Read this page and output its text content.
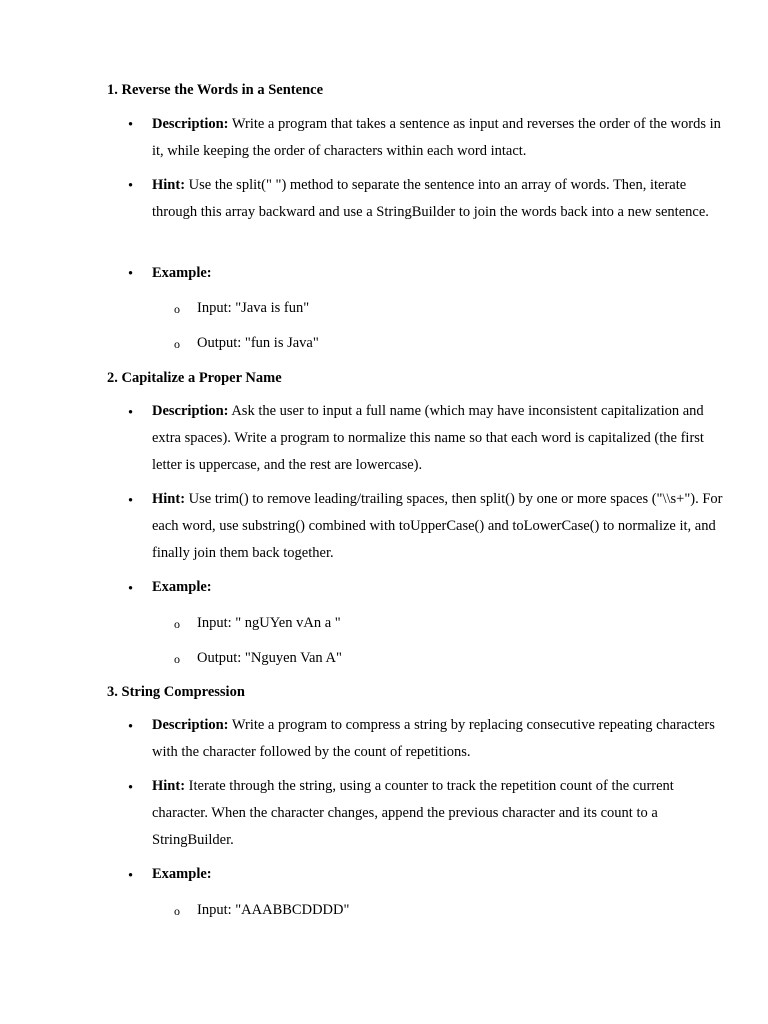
1. Reverse the Words in a Sentence
•	Description: Write a program that takes a sentence as input and reverses the order of the words in it, while keeping the order of characters within each word intact.
•	Hint: Use the split(" ") method to separate the sentence into an array of words. Then, iterate through this array backward and use a StringBuilder to join the words back into a new sentence.
•	Example:
o Input: "Java is fun"
o Output: "fun is Java"
2. Capitalize a Proper Name
•	Description: Ask the user to input a full name (which may have inconsistent capitalization and extra spaces). Write a program to normalize this name so that each word is capitalized (the first letter is uppercase, and the rest are lowercase).
•	Hint: Use trim() to remove leading/trailing spaces, then split() by one or more spaces ("\\s+"). For each word, use substring() combined with toUpperCase() and toLowerCase() to normalize it, and finally join them back together.
•	Example:
o Input: " ngUYen vAn a "
o Output: "Nguyen Van A"
3. String Compression
•	Description: Write a program to compress a string by replacing consecutive repeating characters with the character followed by the count of repetitions.
•	Hint: Iterate through the string, using a counter to track the repetition count of the current character. When the character changes, append the previous character and its count to a StringBuilder.
•	Example:
o Input: "AAABBCDDDD"
